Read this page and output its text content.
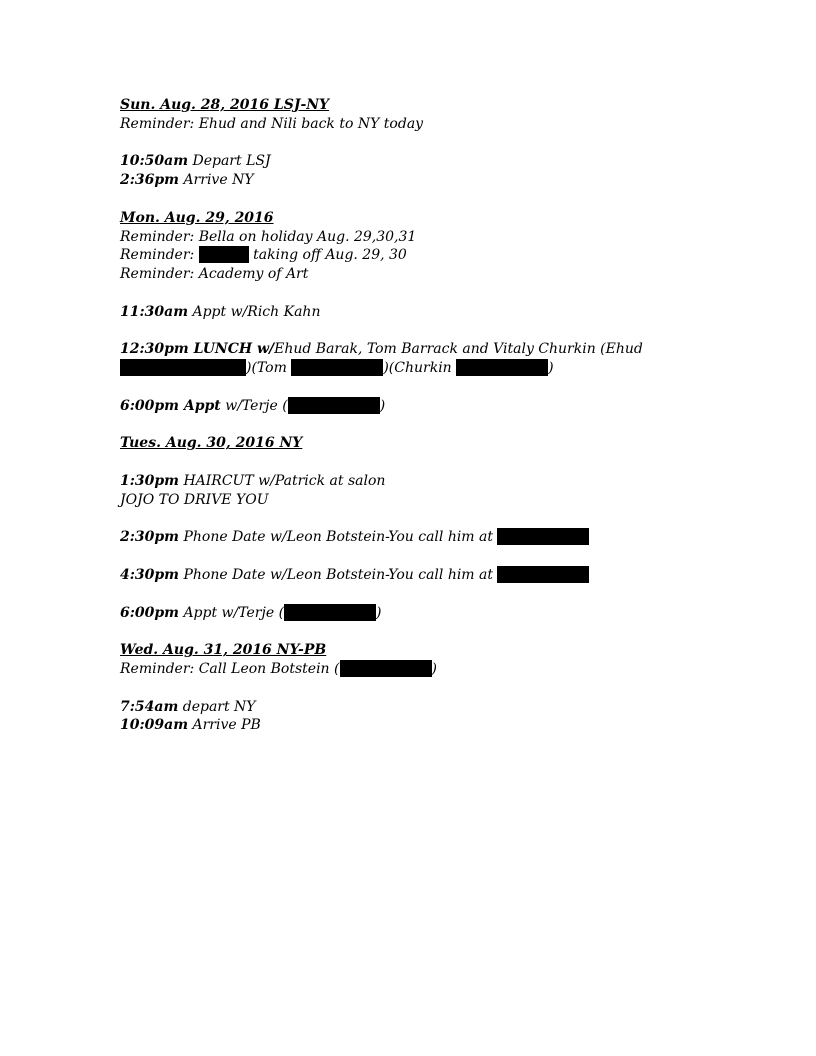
Sun. Aug. 28, 2016 LSJ-NY
Reminder: Ehud and Nili back to NY today
10:50am Depart LSJ
2:36pm Arrive NY
Mon. Aug. 29, 2016
Reminder: Bella on holiday Aug. 29,30,31
Reminder:	taking off Aug. 29, 30
Reminder: Academy of Art
11:30am Appt w/Rich Kahn
12:30pm LUNCH w/Ehud Barak, Tom Barrack and Vitaly Churkin (Ehud
)(Tom	)(Churkin	)
6:00pm Appt w/Terje (	)
Tues. Aug. 30, 2016 NY
1:30pm HAIRCUT w/Patrick at salon
JOJO TO DRIVE YOU
2:30pm Phone Date w/Leon Botstein-You call him at
4:30pm Phone Date w/Leon Botstein-You call him at
6:00pm Appt w/Terje (	)
Wed. Aug. 31, 2016 NY-PB
Reminder: Call Leon Botstein (	)
7:54am depart NY
10:09am Arrive PB
